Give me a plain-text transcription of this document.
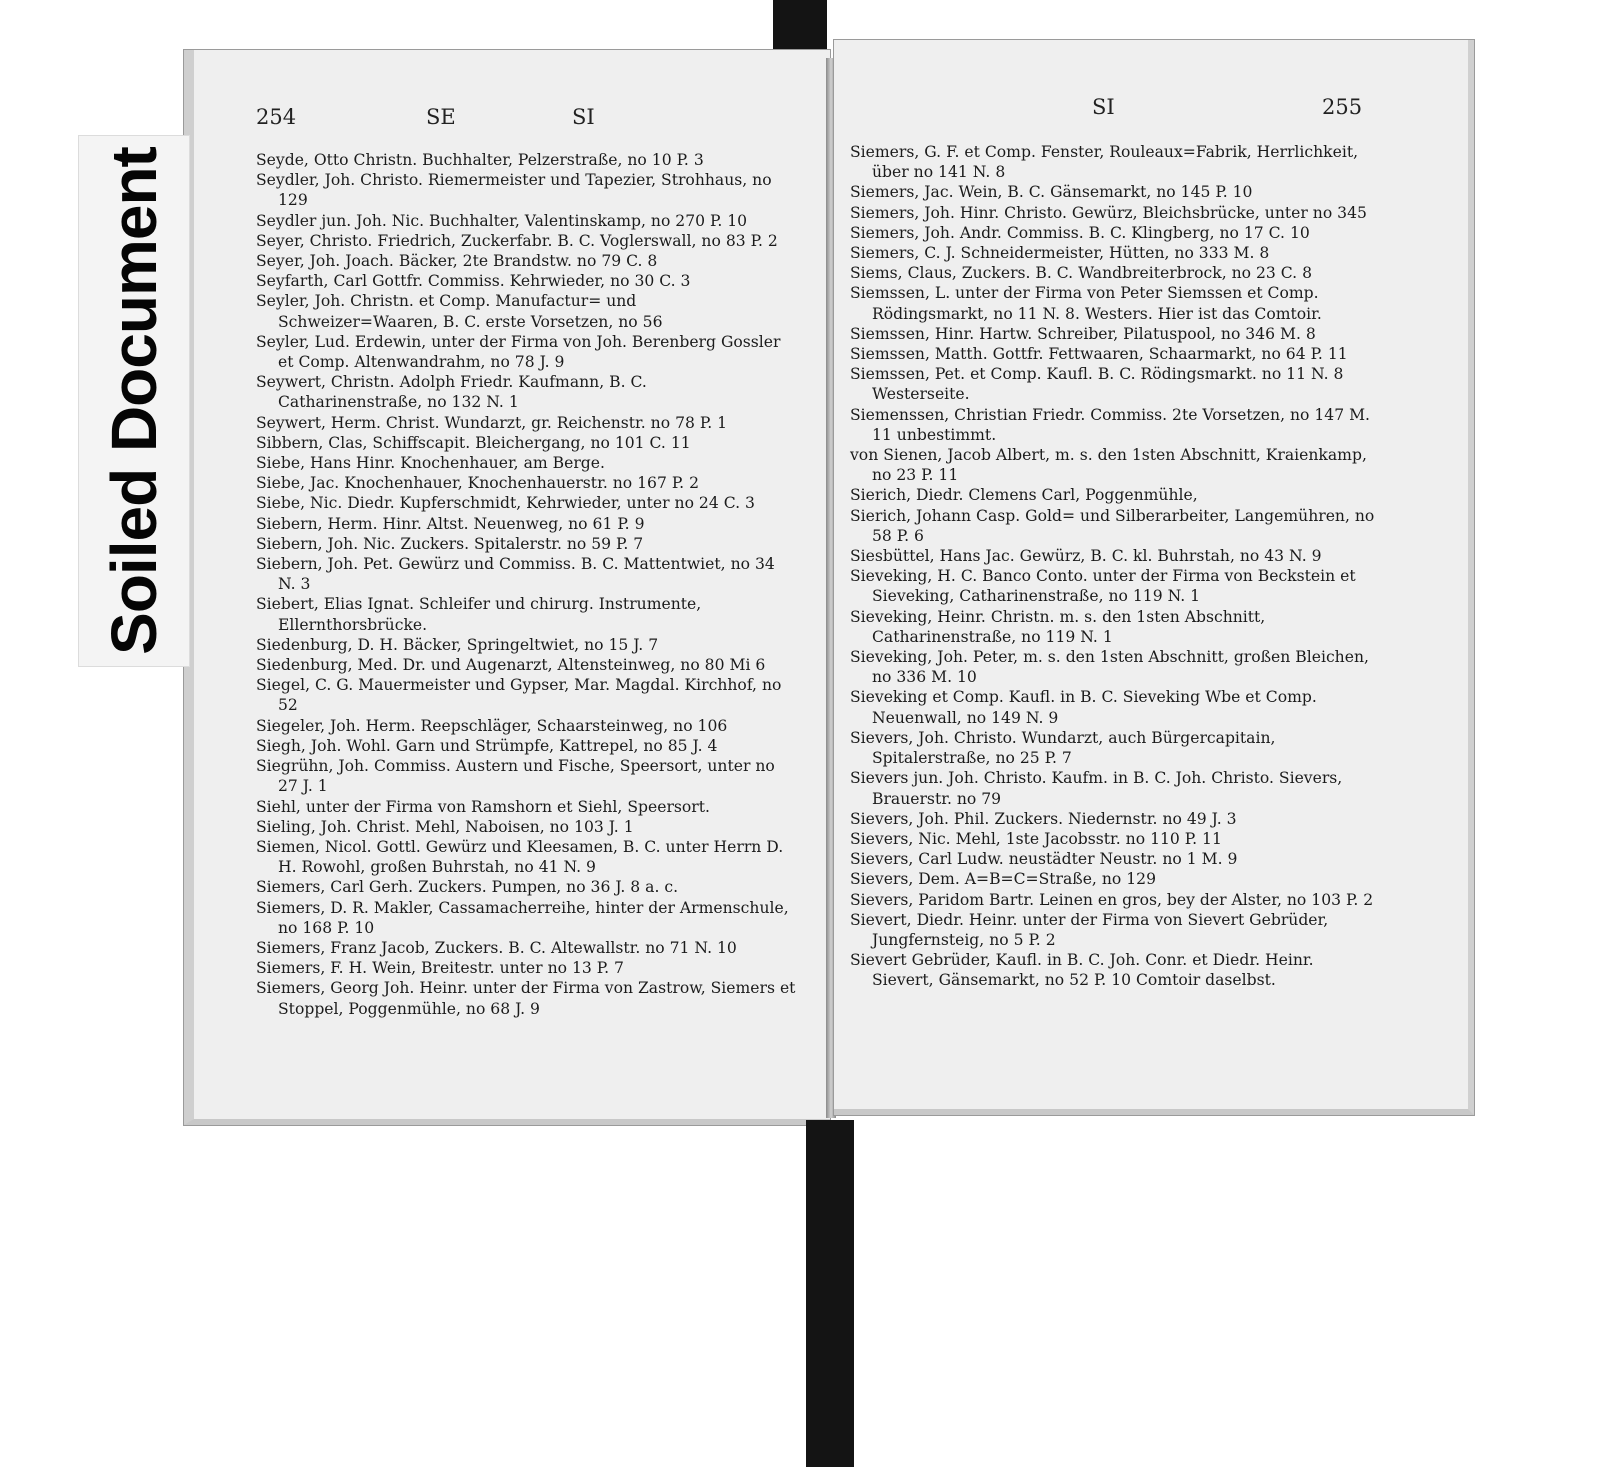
254	SE	SI

Seyde, Otto Christn. Buchhalter, Pelzerstraße, no 10 P. 3

Seydler, Joh. Christo. Riemermeister und Tapezier, Strohhaus, no 129

Seydler jun. Joh. Nic. Buchhalter, Valentinskamp, no 270 P. 10

Seyer, Christo. Friedrich, Zuckerfabr. B. C. Voglerswall, no 83 P. 2

Seyer, Joh. Joach. Bäcker, 2te Brandstw. no 79 C. 8

Seyfarth, Carl Gottfr. Commiss. Kehrwieder, no 30 C. 3

Seyler, Joh. Christn. et Comp. Manufactur= und Schweizer=Waaren, B. C. erste Vorsetzen, no 56

Seyler, Lud. Erdewin, unter der Firma von Joh. Berenberg Gossler et Comp. Altenwandrahm, no 78 J. 9

Seywert, Christn. Adolph Friedr. Kaufmann, B. C. Catharinenstraße, no 132 N. 1

Seywert, Herm. Christ. Wundarzt, gr. Reichenstr. no 78 P. 1

Sibbern, Clas, Schiffscapit. Bleichergang, no 101 C. 11

Siebe, Hans Hinr. Knochenhauer, am Berge.

Siebe, Jac. Knochenhauer, Knochenhauerstr. no 167 P. 2

Siebe, Nic. Diedr. Kupferschmidt, Kehrwieder, unter no 24 C. 3

Siebern, Herm. Hinr. Altst. Neuenweg, no 61 P. 9

Siebern, Joh. Nic. Zuckers. Spitalerstr. no 59 P. 7

Siebern, Joh. Pet. Gewürz und Commiss. B. C. Mattentwiet, no 34 N. 3

Siebert, Elias Ignat. Schleifer und chirurg. Instrumente, Ellernthorsbrücke.

Siedenburg, D. H. Bäcker, Springeltwiet, no 15 J. 7

Siedenburg, Med. Dr. und Augenarzt, Altensteinweg, no 80 Mi 6

Siegel, C. G. Mauermeister und Gypser, Mar. Magdal. Kirchhof, no 52

Siegeler, Joh. Herm. Reepschläger, Schaarsteinweg, no 106

Siegh, Joh. Wohl. Garn und Strümpfe, Kattrepel, no 85 J. 4

Siegrühn, Joh. Commiss. Austern und Fische, Speersort, unter no 27 J. 1

Siehl, unter der Firma von Ramshorn et Siehl, Speersort.

Sieling, Joh. Christ. Mehl, Naboisen, no 103 J. 1

Siemen, Nicol. Gottl. Gewürz und Kleesamen, B. C. unter Herrn D. H. Rowohl, großen Buhrstah, no 41 N. 9

Siemers, Carl Gerh. Zuckers. Pumpen, no 36 J. 8 a. c.

Siemers, D. R. Makler, Cassamacherreihe, hinter der Armenschule, no 168 P. 10

Siemers, Franz Jacob, Zuckers. B. C. Altewallstr. no 71 N. 10

Siemers, F. H. Wein, Breitestr. unter no 13 P. 7

Siemers, Georg Joh. Heinr. unter der Firma von Zastrow, Siemers et Stoppel, Poggenmühle, no 68 J. 9

SI	255

Siemers, G. F. et Comp. Fenster, Rouleaux=Fabrik, Herrlichkeit, über no 141 N. 8

Siemers, Jac. Wein, B. C. Gänsemarkt, no 145 P. 10

Siemers, Joh. Hinr. Christo. Gewürz, Bleichsbrücke, unter no 345

Siemers, Joh. Andr. Commiss. B. C. Klingberg, no 17 C. 10

Siemers, C. J. Schneidermeister, Hütten, no 333 M. 8

Siems, Claus, Zuckers. B. C. Wandbreiterbrock, no 23 C. 8

Siemssen, L. unter der Firma von Peter Siemssen et Comp. Rödingsmarkt, no 11 N. 8. Westers. Hier ist das Comtoir.

Siemssen, Hinr. Hartw. Schreiber, Pilatuspool, no 346 M. 8

Siemssen, Matth. Gottfr. Fettwaaren, Schaarmarkt, no 64 P. 11

Siemssen, Pet. et Comp. Kaufl. B. C. Rödingsmarkt. no 11 N. 8 Westerseite.

Siemenssen, Christian Friedr. Commiss. 2te Vorsetzen, no 147 M. 11 unbestimmt.

von Sienen, Jacob Albert, m. s. den 1sten Abschnitt, Kraienkamp, no 23 P. 11

Sierich, Diedr. Clemens Carl, Poggenmühle,

Sierich, Johann Casp. Gold= und Silberarbeiter, Langemühren, no 58 P. 6

Siesbüttel, Hans Jac. Gewürz, B. C. kl. Buhrstah, no 43 N. 9

Sieveking, H. C. Banco Conto. unter der Firma von Beckstein et Sieveking, Catharinenstraße, no 119 N. 1

Sieveking, Heinr. Christn. m. s. den 1sten Abschnitt, Catharinenstraße, no 119 N. 1

Sieveking, Joh. Peter, m. s. den 1sten Abschnitt, großen Bleichen, no 336 M. 10

Sieveking et Comp. Kaufl. in B. C. Sieveking Wbe et Comp. Neuenwall, no 149 N. 9

Sievers, Joh. Christo. Wundarzt, auch Bürgercapitain, Spitalerstraße, no 25 P. 7

Sievers jun. Joh. Christo. Kaufm. in B. C. Joh. Christo. Sievers, Brauerstr. no 79

Sievers, Joh. Phil. Zuckers. Niedernstr. no 49 J. 3

Sievers, Nic. Mehl, 1ste Jacobsstr. no 110 P. 11

Sievers, Carl Ludw. neustädter Neustr. no 1 M. 9

Sievers, Dem. A=B=C=Straße, no 129

Sievers, Paridom Bartr. Leinen en gros, bey der Alster, no 103 P. 2

Sievert, Diedr. Heinr. unter der Firma von Sievert Gebrüder, Jungfernsteig, no 5 P. 2

Sievert Gebrüder, Kaufl. in B. C. Joh. Conr. et Diedr. Heinr. Sievert, Gänsemarkt, no 52 P. 10 Comtoir daselbst.

Soiled Document
